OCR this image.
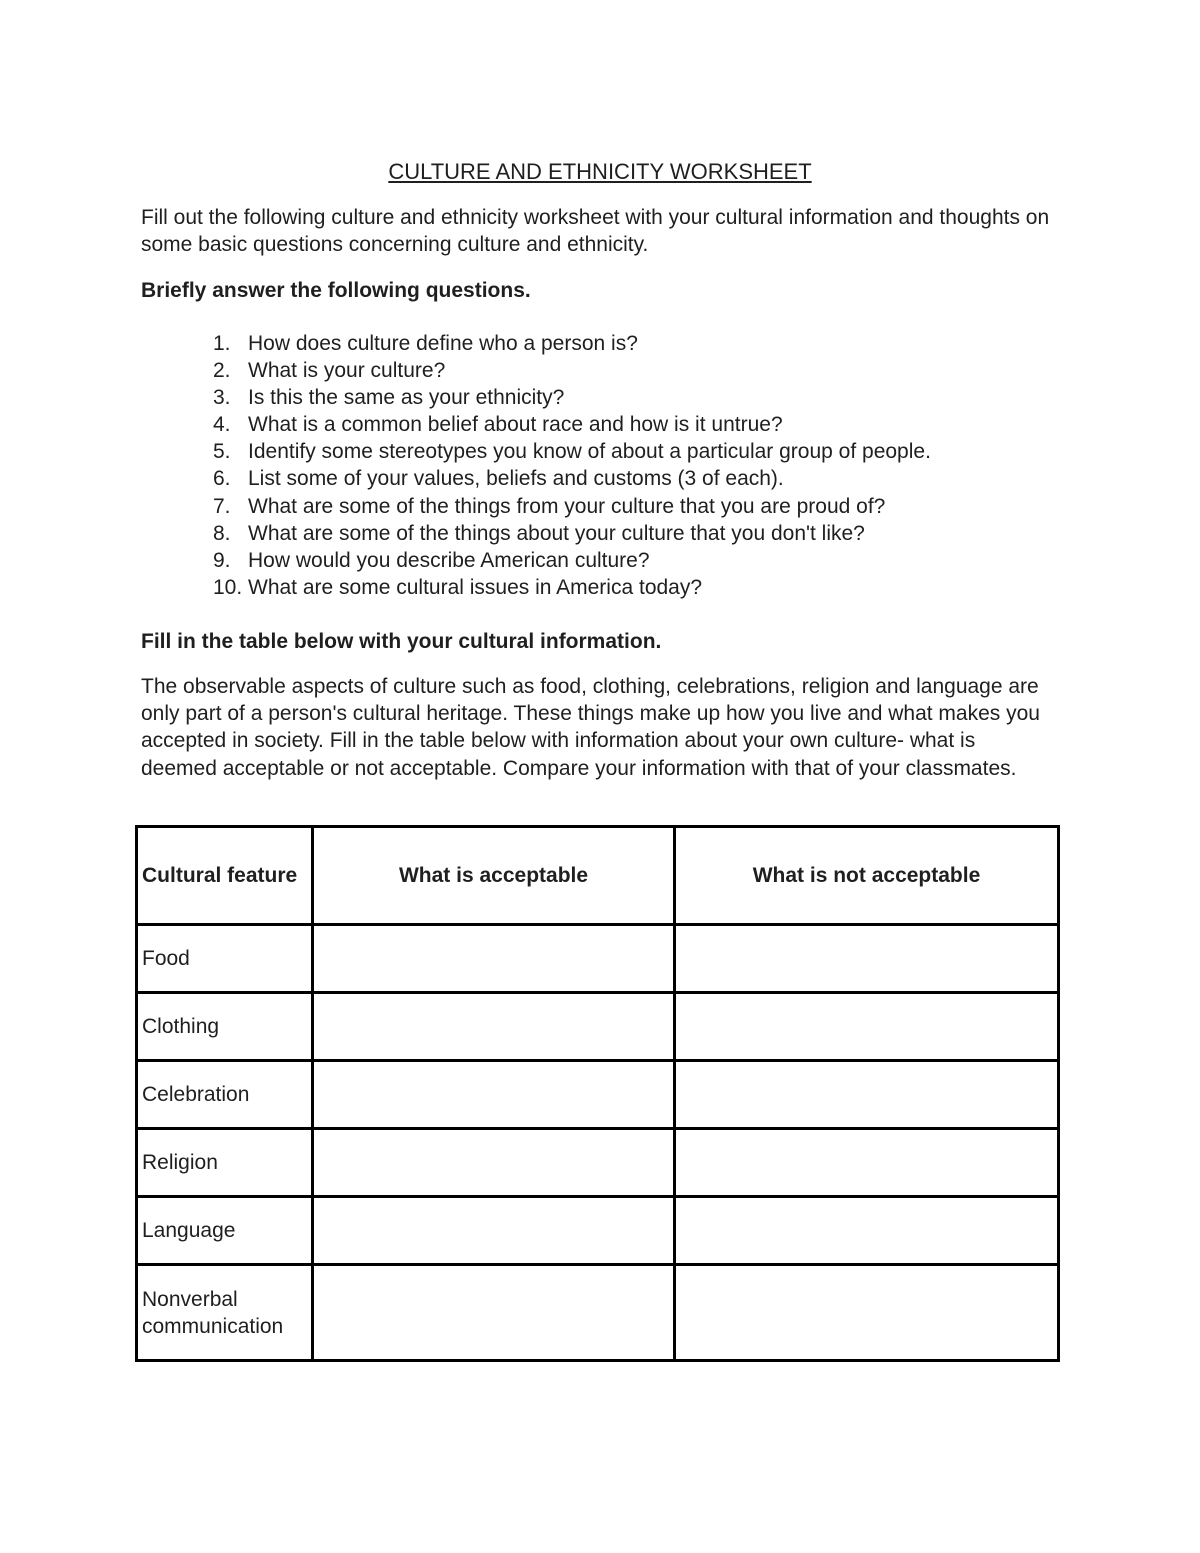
CULTURE AND ETHNICITY WORKSHEET

Fill out the following culture and ethnicity worksheet with your cultural information and thoughts on some basic questions concerning culture and ethnicity.

Briefly answer the following questions.

1. How does culture define who a person is?
2. What is your culture?
3. Is this the same as your ethnicity?
4. What is a common belief about race and how is it untrue?
5. Identify some stereotypes you know of about a particular group of people.
6. List some of your values, beliefs and customs (3 of each).
7. What are some of the things from your culture that you are proud of?
8. What are some of the things about your culture that you don't like?
9. How would you describe American culture?
10. What are some cultural issues in America today?

Fill in the table below with your cultural information.

The observable aspects of culture such as food, clothing, celebrations, religion and language are only part of a person's cultural heritage. These things make up how you live and what makes you accepted in society. Fill in the table below with information about your own culture- what is deemed acceptable or not acceptable. Compare your information with that of your classmates.

Cultural feature	What is acceptable	What is not acceptable
Food		
Clothing		
Celebration		
Religion		
Language		
Nonverbal communication		
